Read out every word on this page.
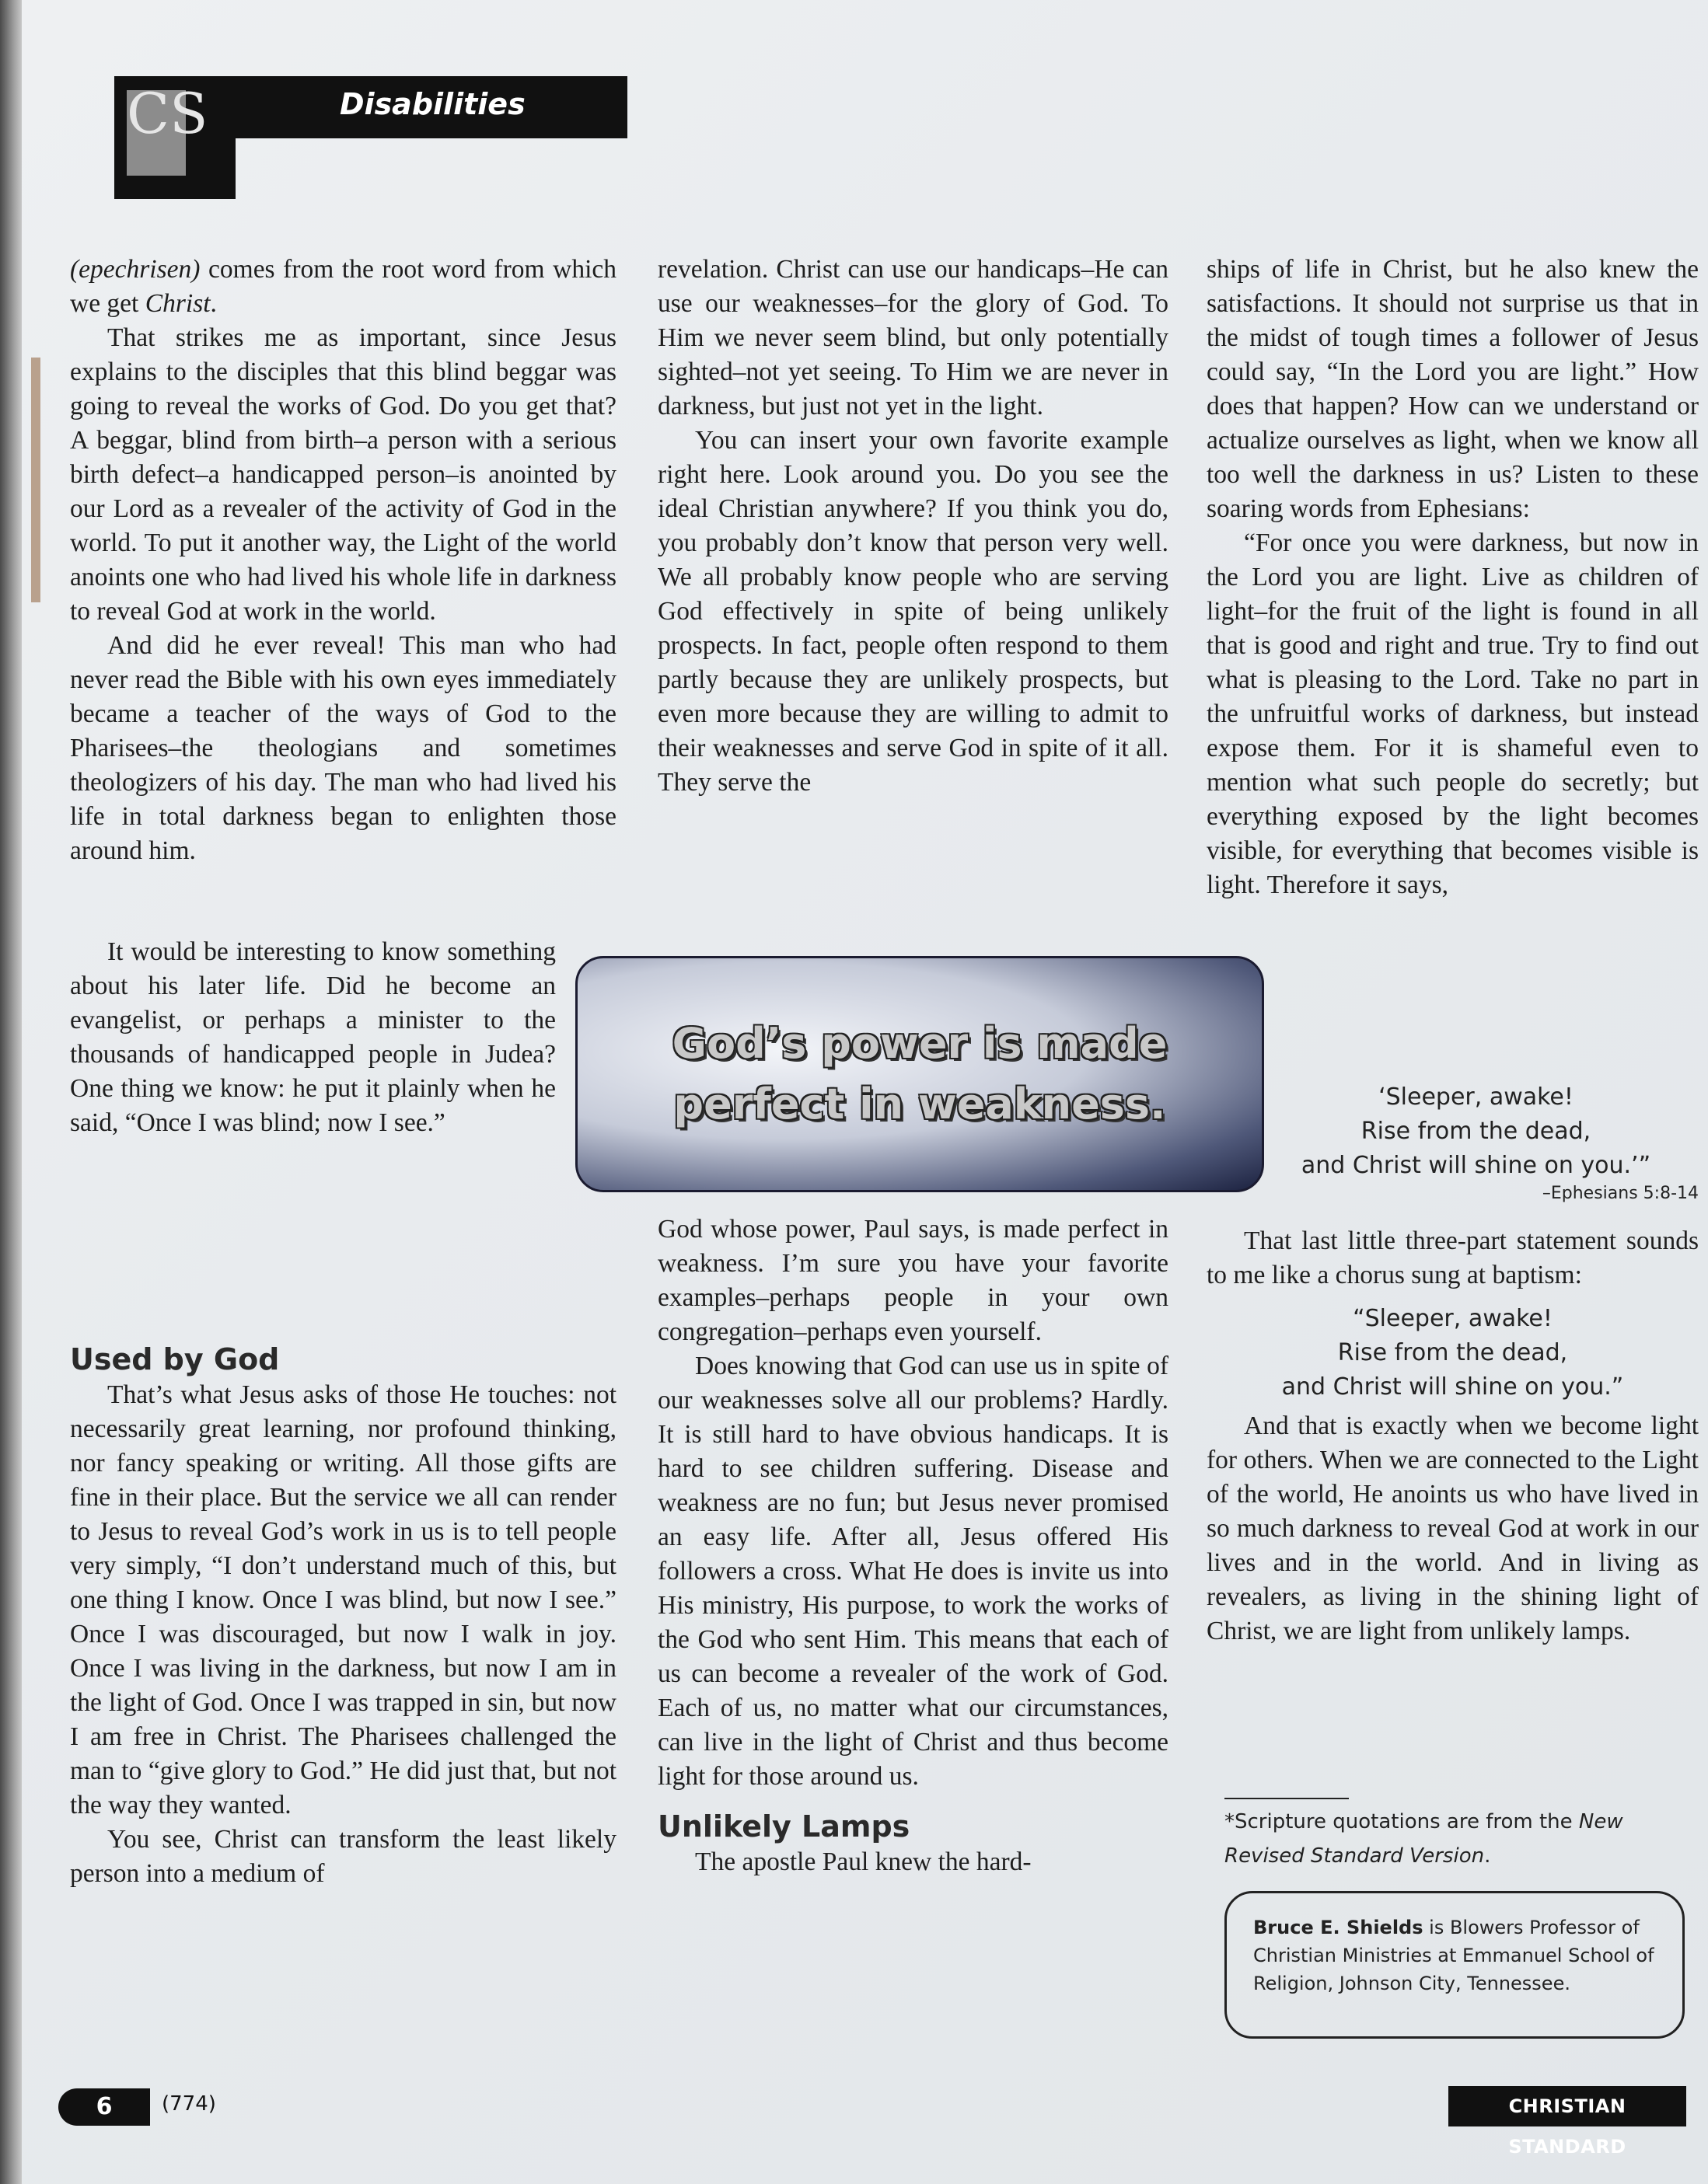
Disabilities
CS

(epechrisen) comes from the root word from which we get Christ.

That strikes me as important, since Jesus explains to the disciples that this blind beggar was going to reveal the works of God. Do you get that? A beggar, blind from birth–a person with a serious birth defect–a handicapped person–is anointed by our Lord as a revealer of the activity of God in the world. To put it another way, the Light of the world anoints one who had lived his whole life in darkness to reveal God at work in the world.

And did he ever reveal! This man who had never read the Bible with his own eyes immediately became a teacher of the ways of God to the Pharisees–the theologians and sometimes theologizers of his day. The man who had lived his life in total darkness began to enlighten those around him.

It would be interesting to know something about his later life. Did he become an evangelist, or perhaps a minister to the thousands of handicapped people in Judea? One thing we know: he put it plainly when he said, “Once I was blind; now I see.”

Used by God

That’s what Jesus asks of those He touches: not necessarily great learning, nor profound thinking, nor fancy speaking or writing. All those gifts are fine in their place. But the service we all can render to Jesus to reveal God’s work in us is to tell people very simply, “I don’t understand much of this, but one thing I know. Once I was blind, but now I see.” Once I was discouraged, but now I walk in joy. Once I was living in the darkness, but now I am in the light of God. Once I was trapped in sin, but now I am free in Christ. The Pharisees challenged the man to “give glory to God.” He did just that, but not the way they wanted.

You see, Christ can transform the least likely person into a medium of

revelation. Christ can use our handicaps–He can use our weaknesses–for the glory of God. To Him we never seem blind, but only potentially sighted–not yet seeing. To Him we are never in darkness, but just not yet in the light.

You can insert your own favorite example right here. Look around you. Do you see the ideal Christian anywhere? If you think you do, you probably don’t know that person very well. We all probably know people who are serving God effectively in spite of being unlikely prospects. In fact, people often respond to them partly because they are unlikely prospects, but even more because they are willing to admit to their weaknesses and serve God in spite of it all. They serve the

God’s power is made
perfect in weakness.

God whose power, Paul says, is made perfect in weakness. I’m sure you have your favorite examples–perhaps people in your own congregation–perhaps even yourself.

Does knowing that God can use us in spite of our weaknesses solve all our problems? Hardly. It is still hard to have obvious handicaps. It is hard to see children suffering. Disease and weakness are no fun; but Jesus never promised an easy life. After all, Jesus offered His followers a cross. What He does is invite us into His ministry, His purpose, to work the works of the God who sent Him. This means that each of us can become a revealer of the work of God. Each of us, no matter what our circumstances, can live in the light of Christ and thus become light for those around us.

Unlikely Lamps

The apostle Paul knew the hard-

ships of life in Christ, but he also knew the satisfactions. It should not surprise us that in the midst of tough times a follower of Jesus could say, “In the Lord you are light.” How does that happen? How can we understand or actualize ourselves as light, when we know all too well the darkness in us? Listen to these soaring words from Ephesians:

“For once you were darkness, but now in the Lord you are light. Live as children of light–for the fruit of the light is found in all that is good and right and true. Try to find out what is pleasing to the Lord. Take no part in the unfruitful works of darkness, but instead expose them. For it is shameful even to mention what such people do secretly; but everything exposed by the light becomes visible, for everything that becomes visible is light. Therefore it says,

‘Sleeper, awake!
Rise from the dead,
and Christ will shine on you.’”
–Ephesians 5:8-14

That last little three-part statement sounds to me like a chorus sung at baptism:

“Sleeper, awake!
Rise from the dead,
and Christ will shine on you.”

And that is exactly when we become light for others. When we are connected to the Light of the world, He anoints us who have lived in so much darkness to reveal God at work in our lives and in the world. And in living as revealers, as living in the shining light of Christ, we are light from unlikely lamps.

*Scripture quotations are from the New Revised Standard Version.
Bruce E. Shields is Blowers Professor of Christian Ministries at Emmanuel School of Religion, Johnson City, Tennessee.
6	(774)	CHRISTIAN STANDARD
